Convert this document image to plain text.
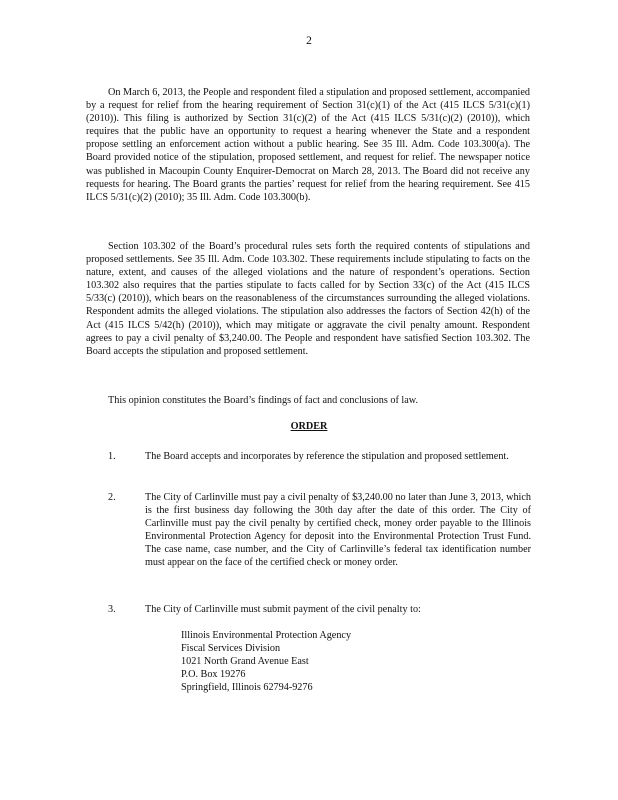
2

On March 6, 2013, the People and respondent filed a stipulation and proposed settlement, accompanied by a request for relief from the hearing requirement of Section 31(c)(1) of the Act (415 ILCS 5/31(c)(1) (2010)). This filing is authorized by Section 31(c)(2) of the Act (415 ILCS 5/31(c)(2) (2010)), which requires that the public have an opportunity to request a hearing whenever the State and a respondent propose settling an enforcement action without a public hearing. See 35 Ill. Adm. Code 103.300(a). The Board provided notice of the stipulation, proposed settlement, and request for relief. The newspaper notice was published in Macoupin County Enquirer-Democrat on March 28, 2013. The Board did not receive any requests for hearing. The Board grants the parties’ request for relief from the hearing requirement. See 415 ILCS 5/31(c)(2) (2010); 35 Ill. Adm. Code 103.300(b).

Section 103.302 of the Board’s procedural rules sets forth the required contents of stipulations and proposed settlements. See 35 Ill. Adm. Code 103.302. These requirements include stipulating to facts on the nature, extent, and causes of the alleged violations and the nature of respondent’s operations. Section 103.302 also requires that the parties stipulate to facts called for by Section 33(c) of the Act (415 ILCS 5/33(c) (2010)), which bears on the reasonableness of the circumstances surrounding the alleged violations. Respondent admits the alleged violations. The stipulation also addresses the factors of Section 42(h) of the Act (415 ILCS 5/42(h) (2010)), which may mitigate or aggravate the civil penalty amount. Respondent agrees to pay a civil penalty of $3,240.00. The People and respondent have satisfied Section 103.302. The Board accepts the stipulation and proposed settlement.

This opinion constitutes the Board’s findings of fact and conclusions of law.

ORDER
1.	The Board accepts and incorporates by reference the stipulation and proposed settlement.
2.	The City of Carlinville must pay a civil penalty of $3,240.00 no later than June 3, 2013, which is the first business day following the 30th day after the date of this order. The City of Carlinville must pay the civil penalty by certified check, money order payable to the Illinois Environmental Protection Agency for deposit into the Environmental Protection Trust Fund. The case name, case number, and the City of Carlinville’s federal tax identification number must appear on the face of the certified check or money order.
3.	The City of Carlinville must submit payment of the civil penalty to:
Illinois Environmental Protection Agency
Fiscal Services Division
1021 North Grand Avenue East
P.O. Box 19276
Springfield, Illinois 62794-9276
